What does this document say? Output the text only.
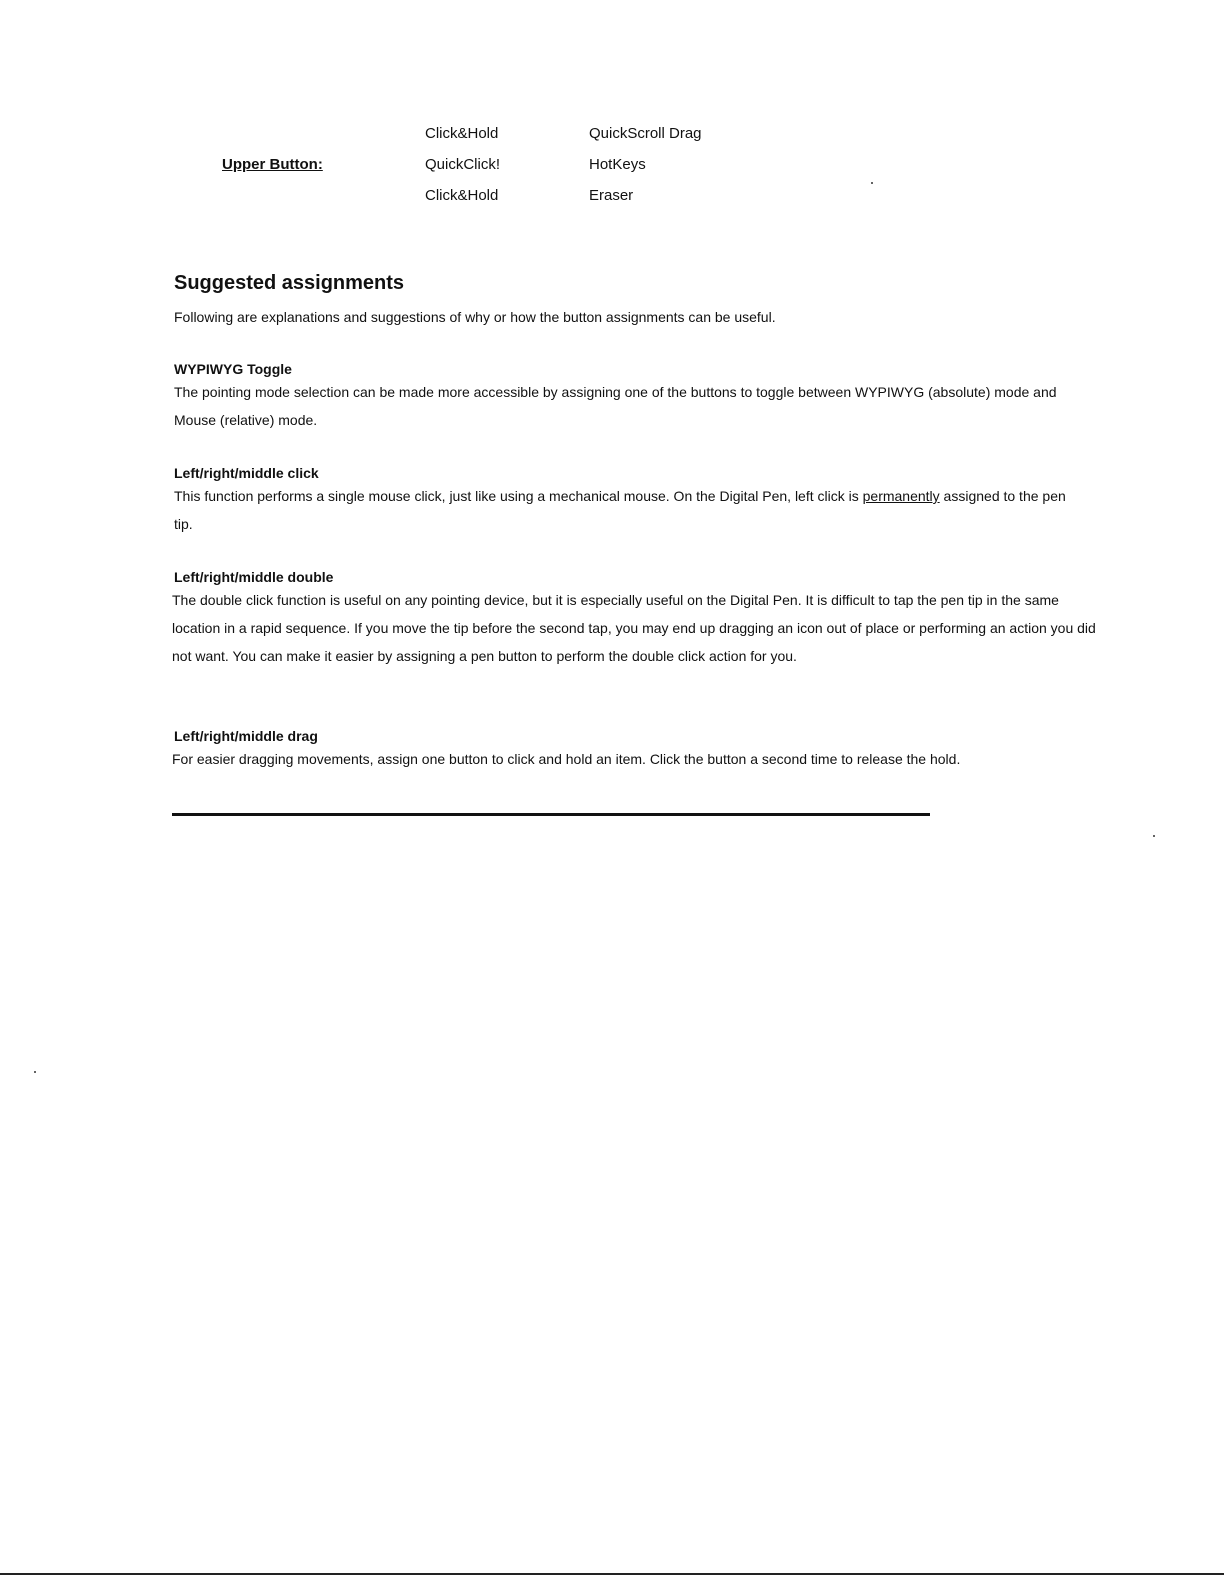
Upper Button:
Click&Hold	QuickScroll Drag
QuickClick!	HotKeys
Click&Hold	Eraser
Suggested assignments
Following are explanations and suggestions of why or how the button assignments can be useful.
WYPIWYG Toggle
The pointing mode selection can be made more accessible by assigning one of the buttons to toggle between WYPIWYG (absolute) mode and Mouse (relative) mode.
Left/right/middle click
This function performs a single mouse click, just like using a mechanical mouse. On the Digital Pen, left click is permanently assigned to the pen tip.
Left/right/middle double
The double click function is useful on any pointing device, but it is especially useful on the Digital Pen. It is difficult to tap the pen tip in the same location in a rapid sequence. If you move the tip before the second tap, you may end up dragging an icon out of place or performing an action you did not want. You can make it easier by assigning a pen button to perform the double click action for you.
Left/right/middle drag
For easier dragging movements, assign one button to click and hold an item. Click the button a second time to release the hold.
